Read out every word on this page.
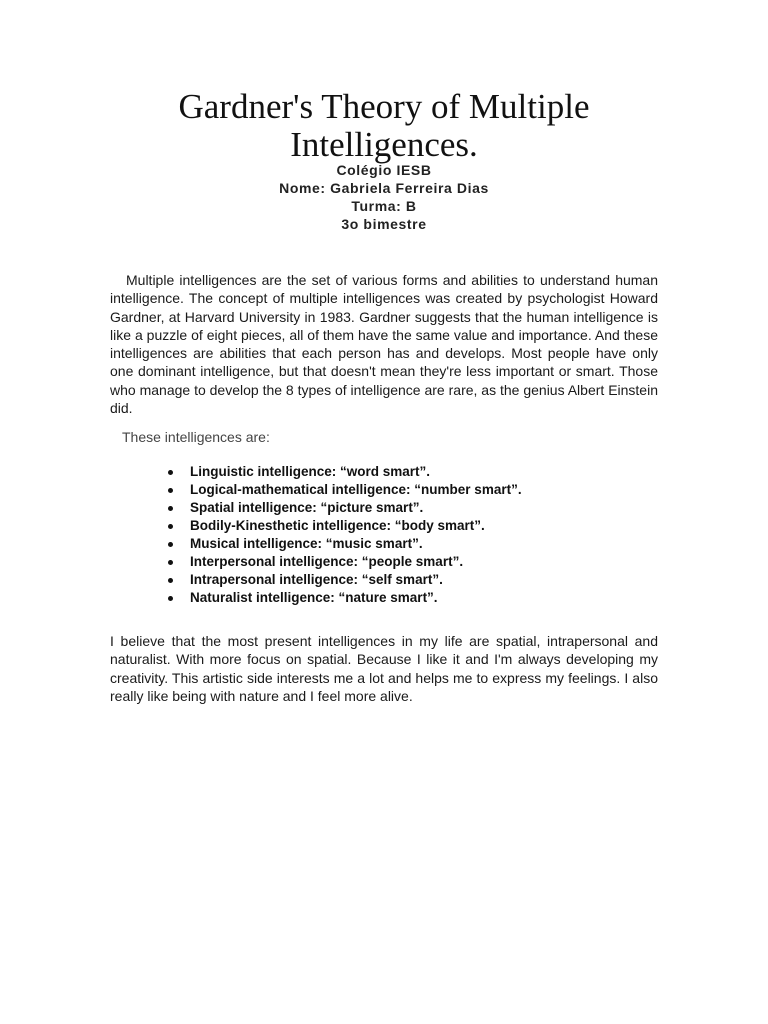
Gardner's Theory of Multiple Intelligences.
Colégio IESB
Nome: Gabriela Ferreira Dias
Turma: B
3o bimestre

Multiple intelligences are the set of various forms and abilities to understand human intelligence. The concept of multiple intelligences was created by psychologist Howard Gardner, at Harvard University in 1983. Gardner suggests that the human intelligence is like a puzzle of eight pieces, all of them have the same value and importance. And these intelligences are abilities that each person has and develops. Most people have only one dominant intelligence, but that doesn't mean they're less important or smart. Those who manage to develop the 8 types of intelligence are rare, as the genius Albert Einstein did.

These intelligences are:

Linguistic intelligence: “word smart”.
Logical-mathematical intelligence: “number smart”.
Spatial intelligence: “picture smart”.
Bodily-Kinesthetic intelligence: “body smart”.
Musical intelligence: “music smart”.
Interpersonal intelligence: “people smart”.
Intrapersonal intelligence: “self smart”.
Naturalist intelligence: “nature smart”.

I believe that the most present intelligences in my life are spatial, intrapersonal and naturalist. With more focus on spatial. Because I like it and I'm always developing my creativity. This artistic side interests me a lot and helps me to express my feelings. I also really like being with nature and I feel more alive.
